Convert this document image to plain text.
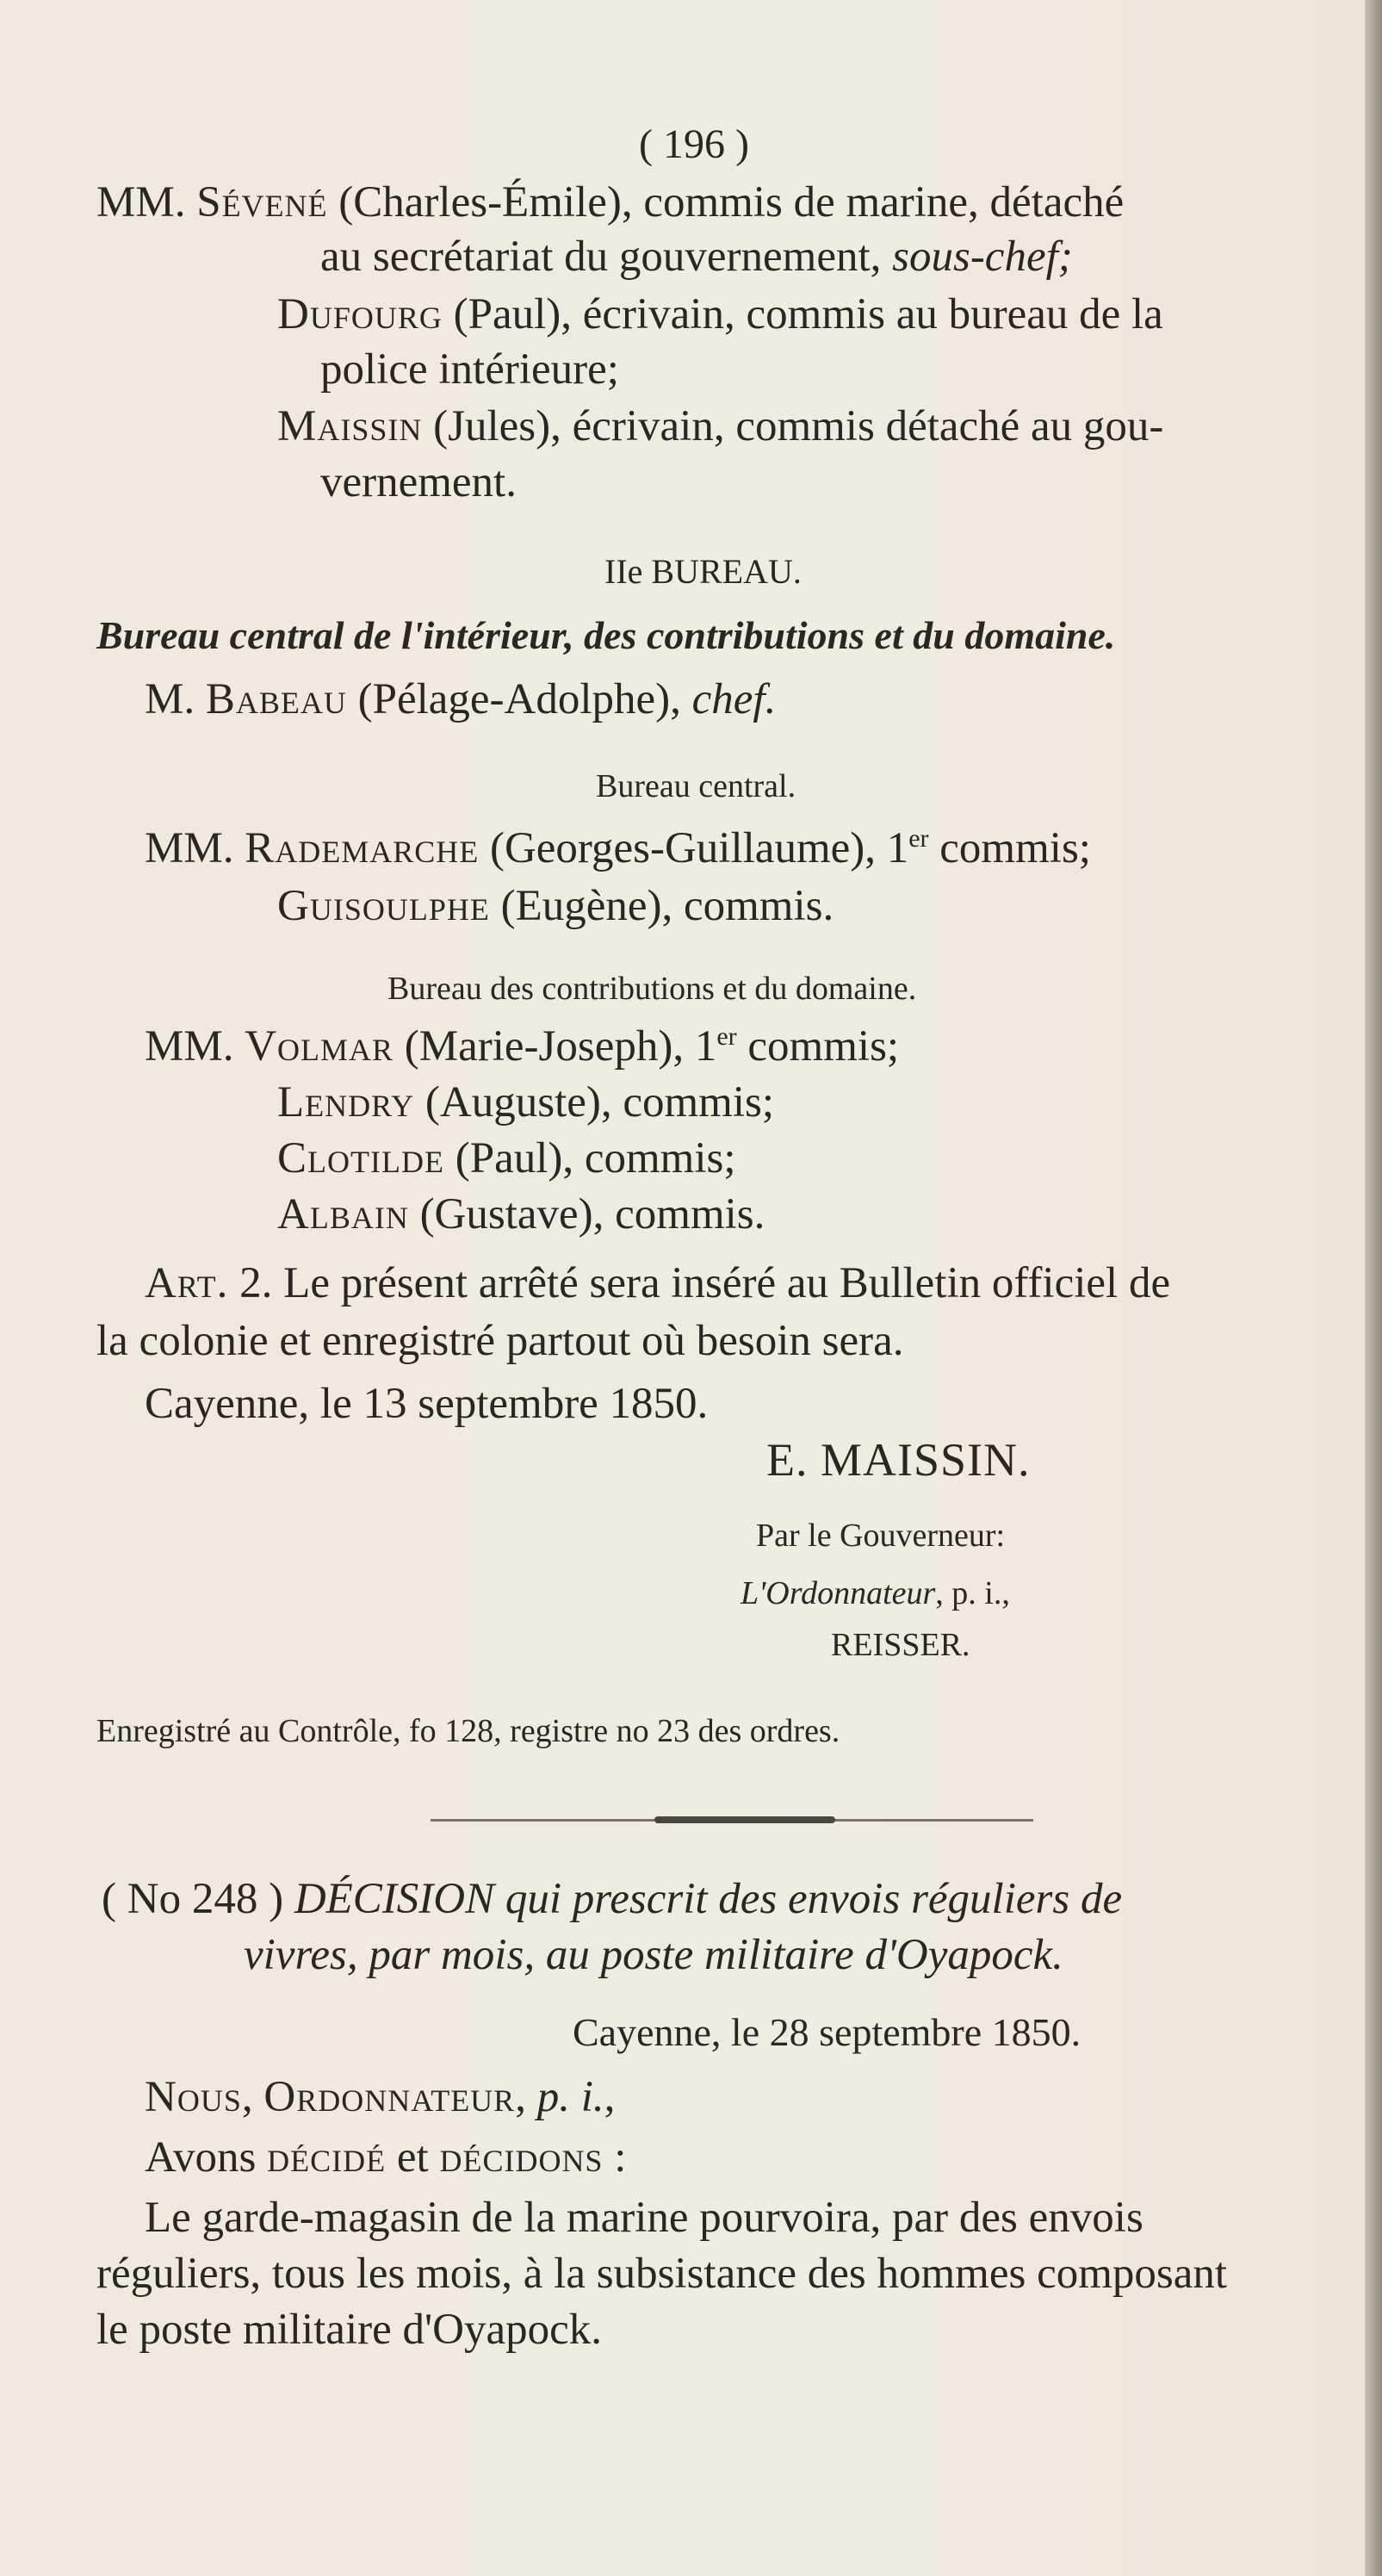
( 196 )
MM. Sévené (Charles-Émile), commis de marine, détaché
au secrétariat du gouvernement, sous-chef;
Dufourg (Paul), écrivain, commis au bureau de la
police intérieure;
Maissin (Jules), écrivain, commis détaché au gou-
vernement.
IIe BUREAU.
Bureau central de l'intérieur, des contributions et du domaine.
M. Babeau (Pélage-Adolphe), chef.
Bureau central.
MM. Rademarche (Georges-Guillaume), 1er commis;
Guisoulphe (Eugène), commis.
Bureau des contributions et du domaine.
MM. Volmar (Marie-Joseph), 1er commis;
Lendry (Auguste), commis;
Clotilde (Paul), commis;
Albain (Gustave), commis.
Art. 2. Le présent arrêté sera inséré au Bulletin officiel de
la colonie et enregistré partout où besoin sera.
Cayenne, le 13 septembre 1850.
E. MAISSIN.
Par le Gouverneur:
L'Ordonnateur, p. i.,
REISSER.
Enregistré au Contrôle, fo 128, registre no 23 des ordres.
( No 248 ) DÉCISION qui prescrit des envois réguliers de
vivres, par mois, au poste militaire d'Oyapock.
Cayenne, le 28 septembre 1850.
Nous, Ordonnateur, p. i.,
Avons décidé et décidons :
Le garde-magasin de la marine pourvoira, par des envois
réguliers, tous les mois, à la subsistance des hommes composant
le poste militaire d'Oyapock.
